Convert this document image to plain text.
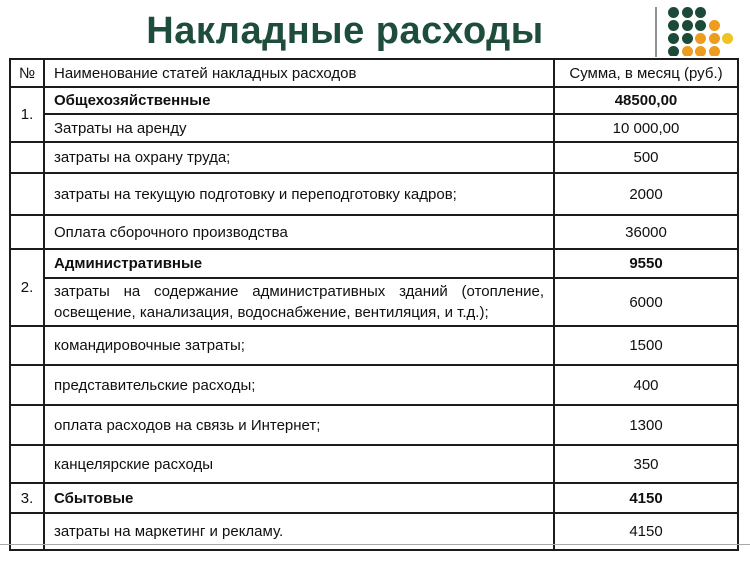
Накладные расходы
№	Наименование статей накладных расходов	Сумма, в месяц (руб.)
1.	Общехозяйственные	48500,00
	Затраты на аренду	10 000,00
	затраты на охрану труда;	500
	затраты на текущую подготовку и переподготовку кадров;	2000
	Оплата сборочного производства	36000
2.	Административные	9550
	затраты на содержание административных зданий (отопление, освещение, канализация, водоснабжение, вентиляция, и т.д.);	6000
	командировочные затраты;	1500
	представительские расходы;	400
	оплата расходов на связь и Интернет;	1300
	канцелярские расходы	350
3.	Сбытовые	4150
	затраты на маркетинг и рекламу.	4150
